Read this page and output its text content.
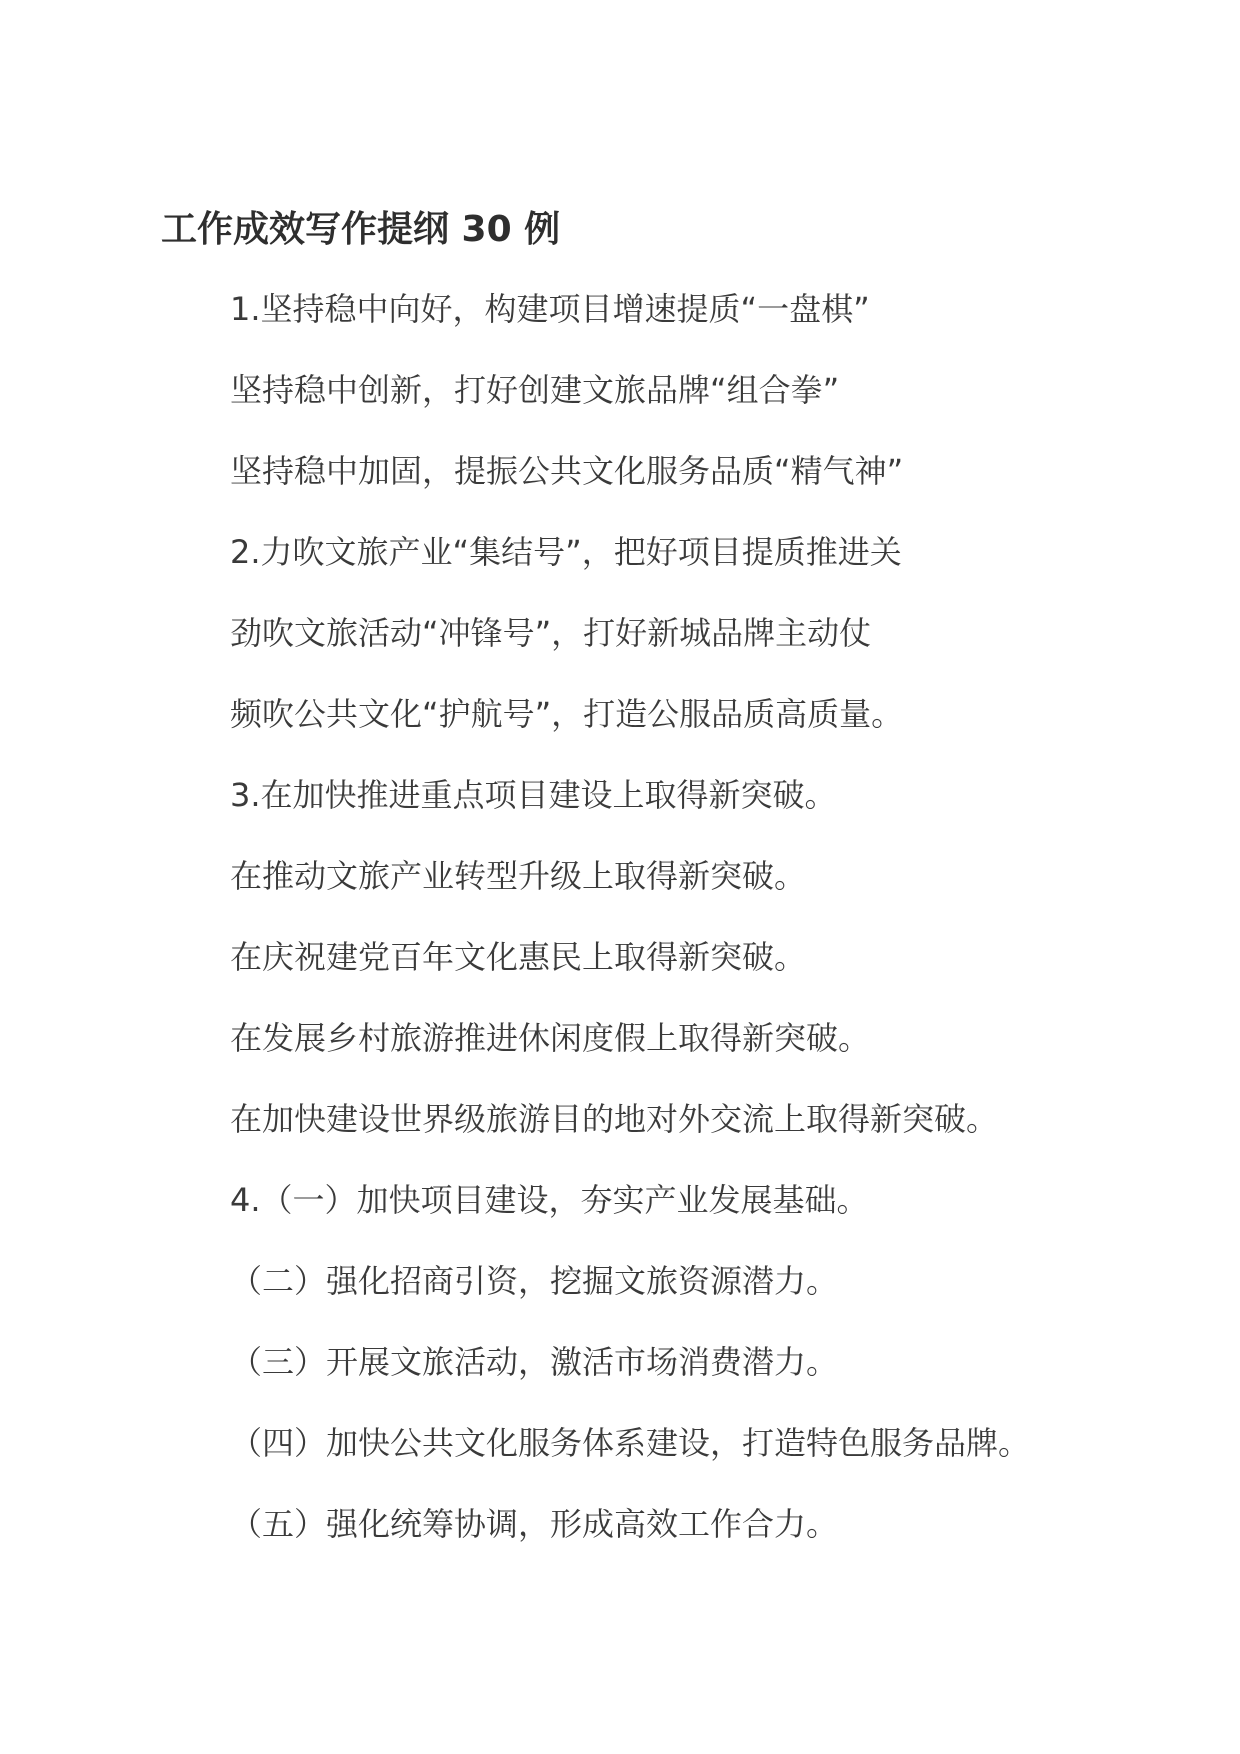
工作成效写作提纲 30 例
1.坚持稳中向好，构建项目增速提质“一盘棋”
坚持稳中创新，打好创建文旅品牌“组合拳”
坚持稳中加固，提振公共文化服务品质“精气神”
2.力吹文旅产业“集结号”，把好项目提质推进关
劲吹文旅活动“冲锋号”，打好新城品牌主动仗
频吹公共文化“护航号”，打造公服品质高质量。
3.在加快推进重点项目建设上取得新突破。
在推动文旅产业转型升级上取得新突破。
在庆祝建党百年文化惠民上取得新突破。
在发展乡村旅游推进休闲度假上取得新突破。
在加快建设世界级旅游目的地对外交流上取得新突破。
4.（一）加快项目建设，夯实产业发展基础。
（二）强化招商引资，挖掘文旅资源潜力。
（三）开展文旅活动，激活市场消费潜力。
（四）加快公共文化服务体系建设，打造特色服务品牌。
（五）强化统筹协调，形成高效工作合力。
